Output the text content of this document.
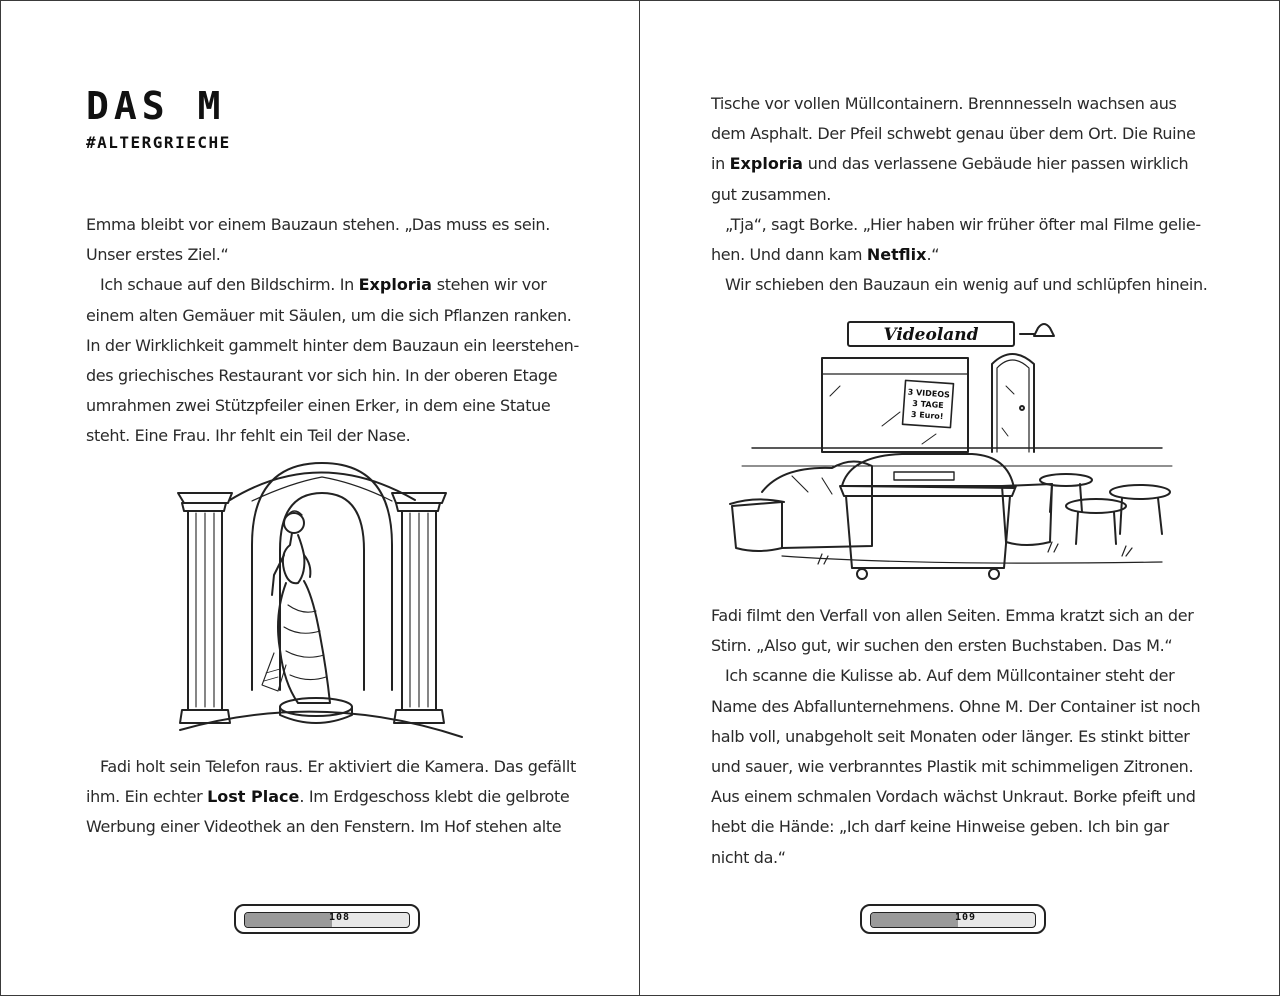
DAS M
#ALTERGRIECHE

Emma bleibt vor einem Bauzaun stehen. „Das muss es sein. Unser erstes Ziel.“

Ich schaue auf den Bildschirm. In Exploria stehen wir vor einem alten Gemäuer mit Säulen, um die sich Pflanzen ranken. In der Wirklichkeit gammelt hinter dem Bauzaun ein leerstehendes griechisches Restaurant vor sich hin. In der oberen Etage umrahmen zwei Stützpfeiler einen Erker, in dem eine Statue steht. Eine Frau. Ihr fehlt ein Teil der Nase.

Fadi holt sein Telefon raus. Er aktiviert die Kamera. Das gefällt ihm. Ein echter Lost Place. Im Erdgeschoss klebt die gelbrote Werbung einer Videothek an den Fenstern. Im Hof stehen alte

108

Tische vor vollen Müllcontainern. Brennnesseln wachsen aus dem Asphalt. Der Pfeil schwebt genau über dem Ort. Die Ruine in Exploria und das verlassene Gebäude hier passen wirklich gut zusammen.

„Tja“, sagt Borke. „Hier haben wir früher öfter mal Filme geliehen. Und dann kam Netflix.“

Wir schieben den Bauzaun ein wenig auf und schlüpfen hinein.

Videoland
3 VIDEOS
3 TAGE
3 Euro!

Fadi filmt den Verfall von allen Seiten. Emma kratzt sich an der Stirn. „Also gut, wir suchen den ersten Buchstaben. Das M.“

Ich scanne die Kulisse ab. Auf dem Müllcontainer steht der Name des Abfallunternehmens. Ohne M. Der Container ist noch halb voll, unabgeholt seit Monaten oder länger. Es stinkt bitter und sauer, wie verbranntes Plastik mit schimmeligen Zitronen. Aus einem schmalen Vordach wächst Unkraut. Borke pfeift und hebt die Hände: „Ich darf keine Hinweise geben. Ich bin gar nicht da.“

109
